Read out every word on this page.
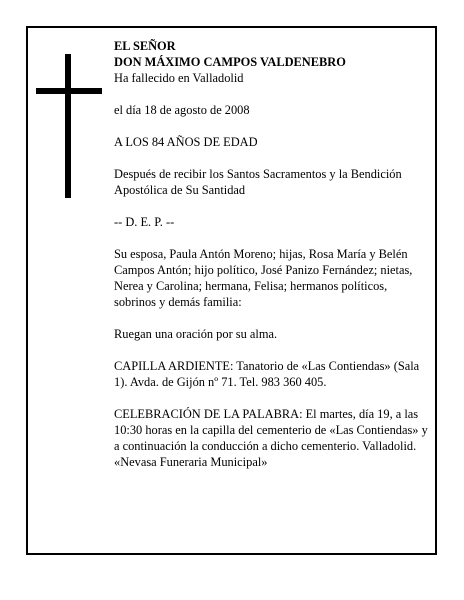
EL SEÑOR

DON MÁXIMO CAMPOS VALDENEBRO

Ha fallecido en Valladolid

el día 18 de agosto de 2008

A LOS 84 AÑOS DE EDAD

Después de recibir los Santos Sacramentos y la Bendición Apostólica de Su Santidad

-- D. E. P. --

Su esposa, Paula Antón Moreno; hijas, Rosa María y Belén Campos Antón; hijo político, José Panizo Fernández; nietas, Nerea y Carolina; hermana, Felisa; hermanos políticos, sobrinos y demás familia:

Ruegan una oración por su alma.

CAPILLA ARDIENTE: Tanatorio de «Las Contiendas» (Sala 1). Avda. de Gijón nº 71. Tel. 983 360 405.

CELEBRACIÓN DE LA PALABRA: El martes, día 19, a las 10:30 horas en la capilla del cementerio de «Las Contiendas» y a continuación la conducción a dicho cementerio. Valladolid.

«Nevasa Funeraria Municipal»
